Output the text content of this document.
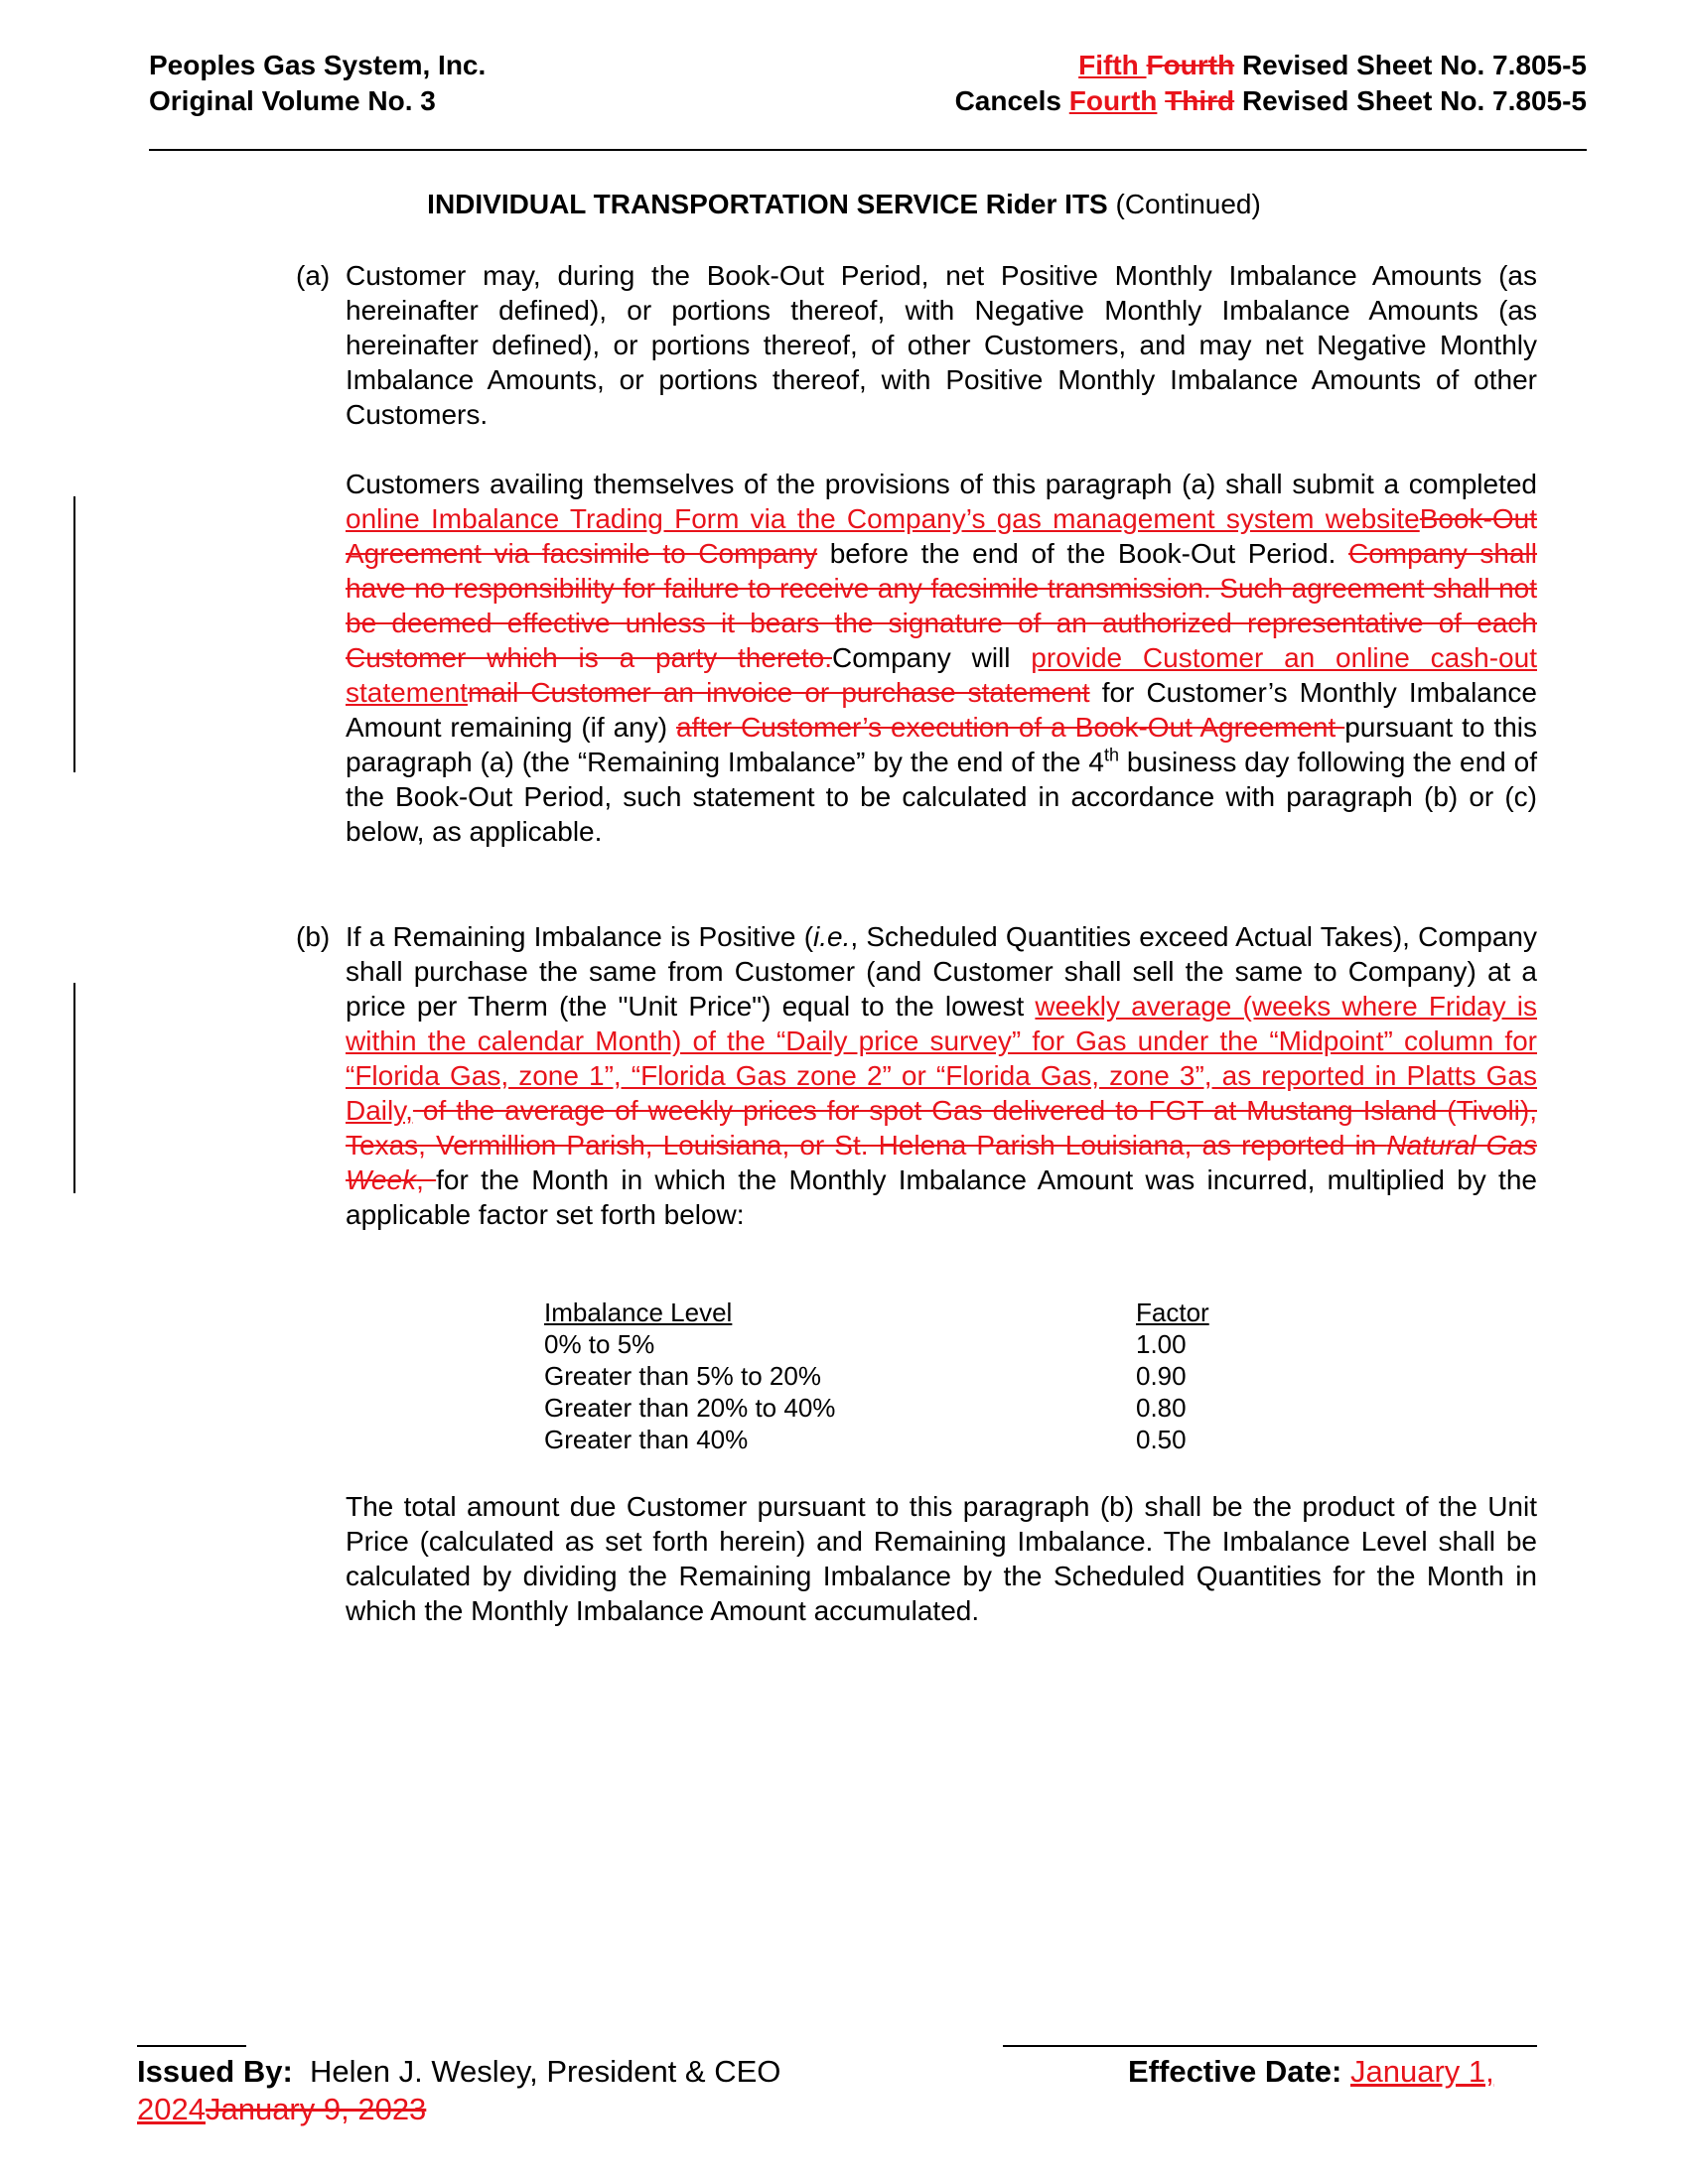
Peoples Gas System, Inc.
Original Volume No. 3
Fifth Fourth Revised Sheet No. 7.805-5
Cancels Fourth Third Revised Sheet No. 7.805-5
INDIVIDUAL TRANSPORTATION SERVICE Rider ITS (Continued)
(a) Customer may, during the Book-Out Period, net Positive Monthly Imbalance Amounts (as hereinafter defined), or portions thereof, with Negative Monthly Imbalance Amounts (as hereinafter defined), or portions thereof, of other Customers, and may net Negative Monthly Imbalance Amounts, or portions thereof, with Positive Monthly Imbalance Amounts of other Customers.
Customers availing themselves of the provisions of this paragraph (a) shall submit a completed online Imbalance Trading Form via the Company’s gas management system websiteBook-Out Agreement via facsimile to Company before the end of the Book-Out Period. Company shall have no responsibility for failure to receive any facsimile transmission. Such agreement shall not be deemed effective unless it bears the signature of an authorized representative of each Customer which is a party thereto.Company will provide Customer an online cash-out statementmail Customer an invoice or purchase statement for Customer’s Monthly Imbalance Amount remaining (if any) after Customer’s execution of a Book-Out Agreement pursuant to this paragraph (a) (the “Remaining Imbalance” by the end of the 4th business day following the end of the Book-Out Period, such statement to be calculated in accordance with paragraph (b) or (c) below, as applicable.
(b) If a Remaining Imbalance is Positive (i.e., Scheduled Quantities exceed Actual Takes), Company shall purchase the same from Customer (and Customer shall sell the same to Company) at a price per Therm (the "Unit Price") equal to the lowest weekly average (weeks where Friday is within the calendar Month) of the “Daily price survey” for Gas under the “Midpoint” column for “Florida Gas, zone 1”, “Florida Gas zone 2” or “Florida Gas, zone 3”, as reported in Platts Gas Daily, of the average of weekly prices for spot Gas delivered to FGT at Mustang Island (Tivoli), Texas, Vermillion Parish, Louisiana, or St. Helena Parish Louisiana, as reported in Natural Gas Week, for the Month in which the Monthly Imbalance Amount was incurred, multiplied by the applicable factor set forth below:
Imbalance Level	Factor
0% to 5%	1.00
Greater than 5% to 20%	0.90
Greater than 20% to 40%	0.80
Greater than 40%	0.50
The total amount due Customer pursuant to this paragraph (b) shall be the product of the Unit Price (calculated as set forth herein) and Remaining Imbalance. The Imbalance Level shall be calculated by dividing the Remaining Imbalance by the Scheduled Quantities for the Month in which the Monthly Imbalance Amount accumulated.
Issued By:  Helen J. Wesley, President & CEO	Effective Date: January 1,
2024January 9, 2023
